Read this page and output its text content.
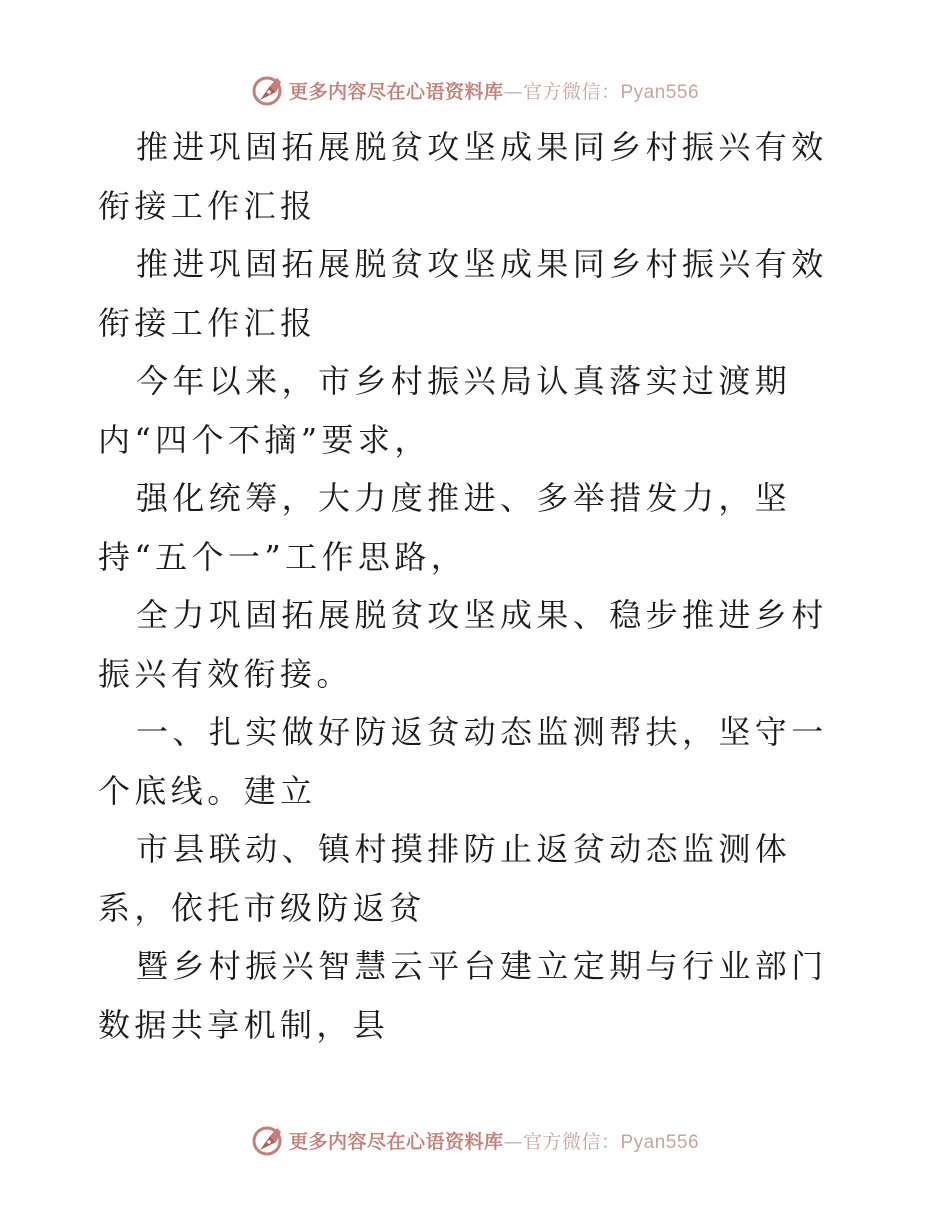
更多内容尽在心语资料库—官方微信：Pyan556

推进巩固拓展脱贫攻坚成果同乡村振兴有效衔接工作汇报

推进巩固拓展脱贫攻坚成果同乡村振兴有效衔接工作汇报

今年以来，市乡村振兴局认真落实过渡期内“四个不摘”要求，

强化统筹，大力度推进、多举措发力，坚持“五个一”工作思路，

全力巩固拓展脱贫攻坚成果、稳步推进乡村振兴有效衔接。

一、扎实做好防返贫动态监测帮扶，坚守一个底线。建立

市县联动、镇村摸排防止返贫动态监测体系，依托市级防返贫

暨乡村振兴智慧云平台建立定期与行业部门数据共享机制，县

更多内容尽在心语资料库—官方微信：Pyan556
